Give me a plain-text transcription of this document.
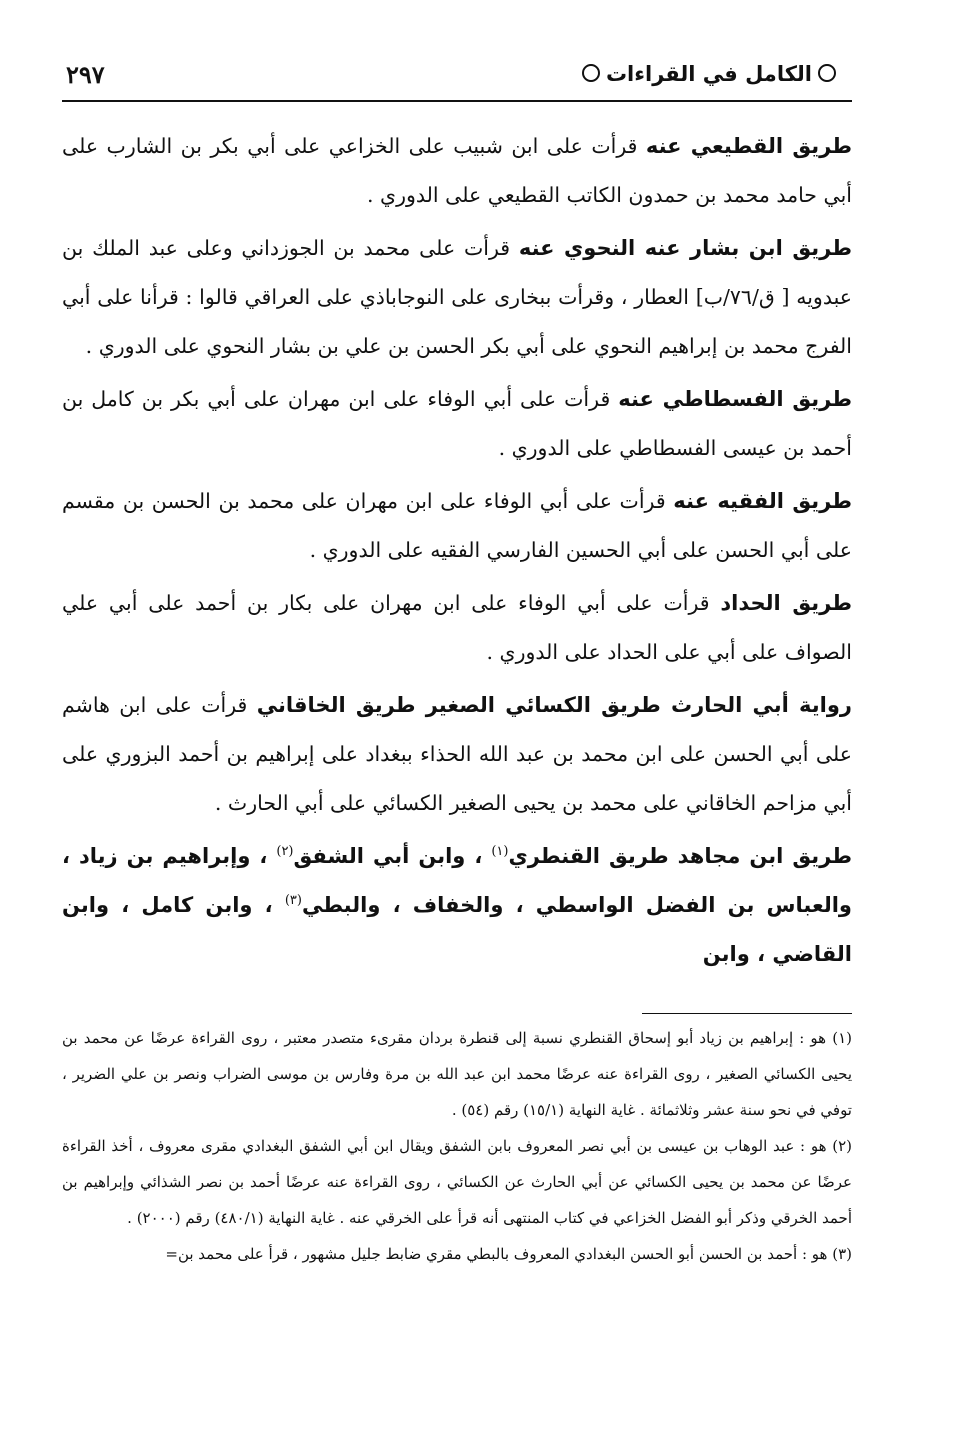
الكامل في القراءات
٢٩٧

طريق القطيعي عنه قرأت على ابن شبيب على الخزاعي على أبي بكر بن الشارب على أبي حامد محمد بن حمدون الكاتب القطيعي على الدوري .

طريق ابن بشار عنه النحوي عنه قرأت على محمد بن الجوزداني وعلى عبد الملك بن عبدويه [ ق/٧٦/ب] العطار ، وقرأت ببخارى على النوجاباذي على العراقي قالوا : قرأنا على أبي الفرج محمد بن إبراهيم النحوي على أبي بكر الحسن بن علي بن بشار النحوي على الدوري .

طريق الفسطاطي عنه قرأت على أبي الوفاء على ابن مهران على أبي بكر بن كامل بن أحمد بن عيسى الفسطاطي على الدوري .

طريق الفقيه عنه قرأت على أبي الوفاء على ابن مهران على محمد بن الحسن بن مقسم على أبي الحسن على أبي الحسين الفارسي الفقيه على الدوري .

طريق الحداد قرأت على أبي الوفاء على ابن مهران على بكار بن أحمد على أبي علي الصواف على أبي على الحداد على الدوري .

رواية أبي الحارث طريق الكسائي الصغير طريق الخاقاني قرأت على ابن هاشم على أبي الحسن على ابن محمد بن عبد الله الحذاء ببغداد على إبراهيم بن أحمد البزوري على أبي مزاحم الخاقاني على محمد بن يحيى الصغير الكسائي على أبي الحارث .

طريق ابن مجاهد طريق القنطري$^{(١)}$ ، وابن أبي الشفق$^{(٢)}$ ، وإبراهيم بن زياد ، والعباس بن الفضل الواسطي ، والخفاف ، والبطي$^{(٣)}$ ، وابن كامل ، وابن القاضي ، وابن

(١) هو : إبراهيم بن زياد أبو إسحاق القنطري نسبة إلى قنطرة بردان مقرىء متصدر معتبر ، روى القراءة عرضًا عن محمد بن يحيى الكسائي الصغير ، روى القراءة عنه عرضًا محمد ابن عبد الله بن مرة وفارس بن موسى الضراب ونصر بن علي الضرير ، توفي في نحو سنة عشر وثلاثمائة . غاية النهاية (١٥/١) رقم (٥٤) .

(٢) هو : عبد الوهاب بن عيسى بن أبي نصر المعروف بابن الشفق ويقال ابن أبي الشفق البغدادي مقرى معروف ، أخذ القراءة عرضًا عن محمد بن يحيى الكسائي عن أبي الحارث عن الكسائي ، روى القراءة عنه عرضًا أحمد بن نصر الشذائي وإبراهيم بن أحمد الخرقي وذكر أبو الفضل الخزاعي في كتاب المنتهى أنه قرأ على الخرقي عنه . غاية النهاية (٤٨٠/١) رقم (٢٠٠٠) .

(٣) هو : أحمد بن الحسن أبو الحسن البغدادي المعروف بالبطي مقري ضابط جليل مشهور ، قرأ على محمد بن=
